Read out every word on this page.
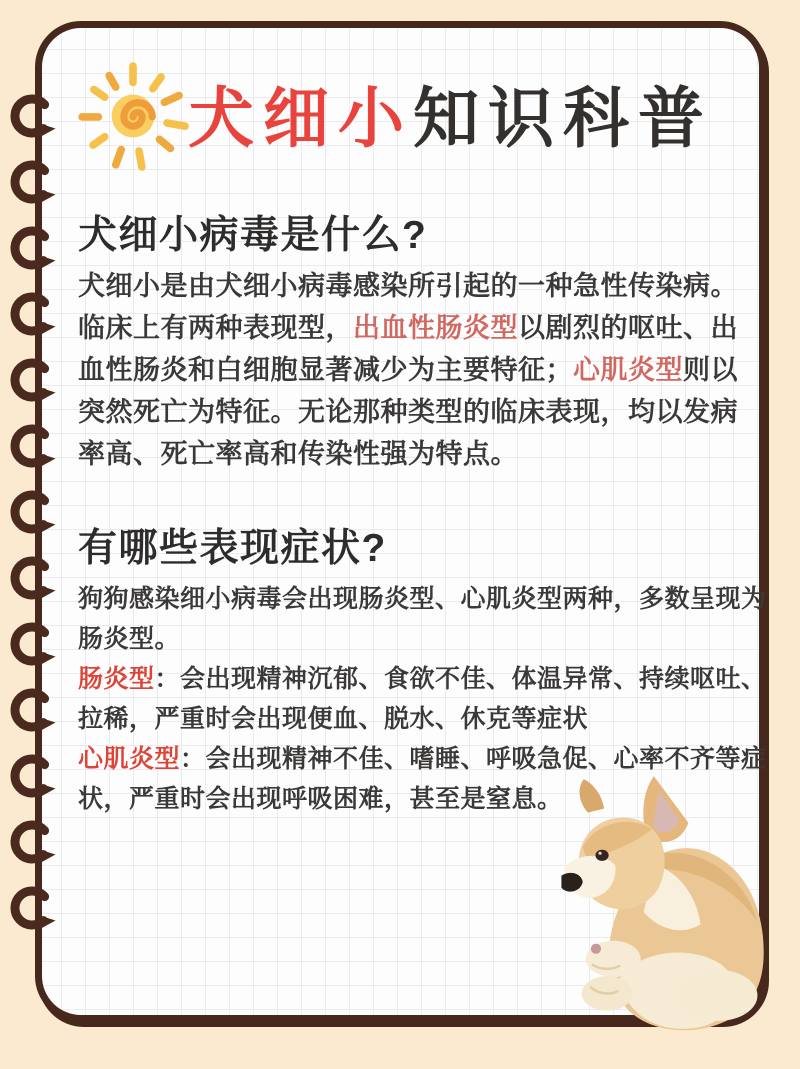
犬细小知识科普
犬细小病毒是什么?
犬细小是由犬细小病毒感染所引起的一种急性传染病。
临床上有两种表现型，出血性肠炎型以剧烈的呕吐、出
血性肠炎和白细胞显著减少为主要特征；心肌炎型则以
突然死亡为特征。无论那种类型的临床表现，均以发病
率高、死亡率高和传染性强为特点。
有哪些表现症状?
狗狗感染细小病毒会出现肠炎型、心肌炎型两种，多数呈现为
肠炎型。
肠炎型：会出现精神沉郁、食欲不佳、体温异常、持续呕吐、
拉稀，严重时会出现便血、脱水、休克等症状
心肌炎型：会出现精神不佳、嗜睡、呼吸急促、心率不齐等症
状，严重时会出现呼吸困难，甚至是窒息。
